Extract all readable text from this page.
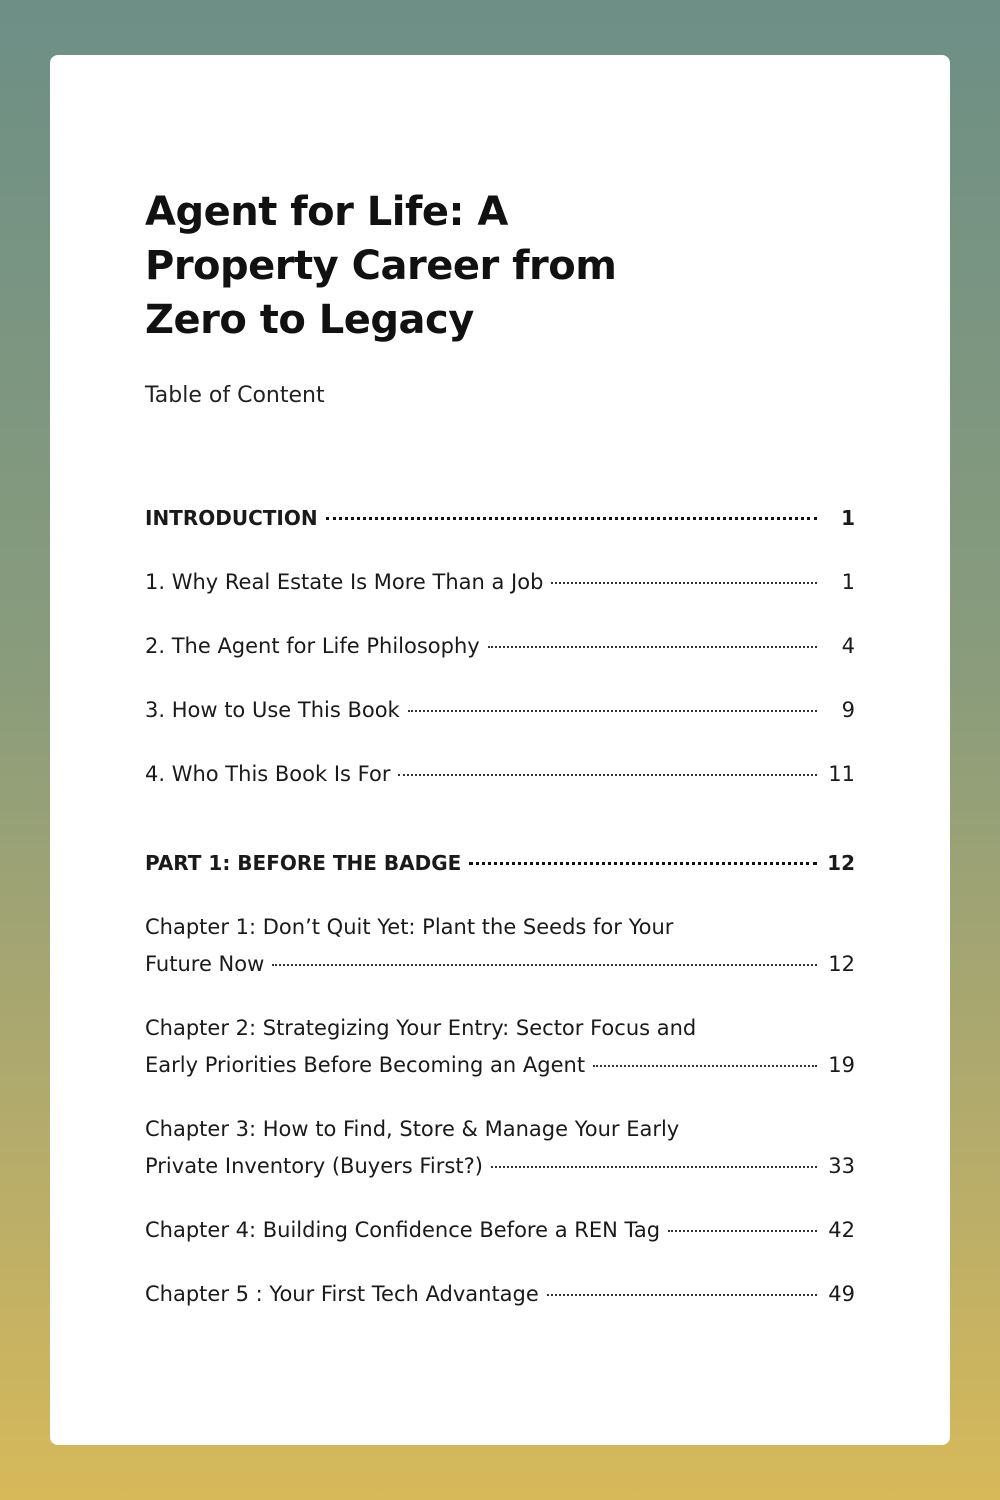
Agent for Life: A
Property Career from
Zero to Legacy
Table of Content
INTRODUCTION	1
1. Why Real Estate Is More Than a Job	1
2. The Agent for Life Philosophy	4
3. How to Use This Book	9
4. Who This Book Is For	11
PART 1: BEFORE THE BADGE	12
Chapter 1: Don’t Quit Yet: Plant the Seeds for Your
Future Now	12
Chapter 2: Strategizing Your Entry: Sector Focus and
Early Priorities Before Becoming an Agent	19
Chapter 3: How to Find, Store & Manage Your Early
Private Inventory (Buyers First?)	33
Chapter 4: Building Confidence Before a REN Tag	42
Chapter 5 : Your First Tech Advantage	49
